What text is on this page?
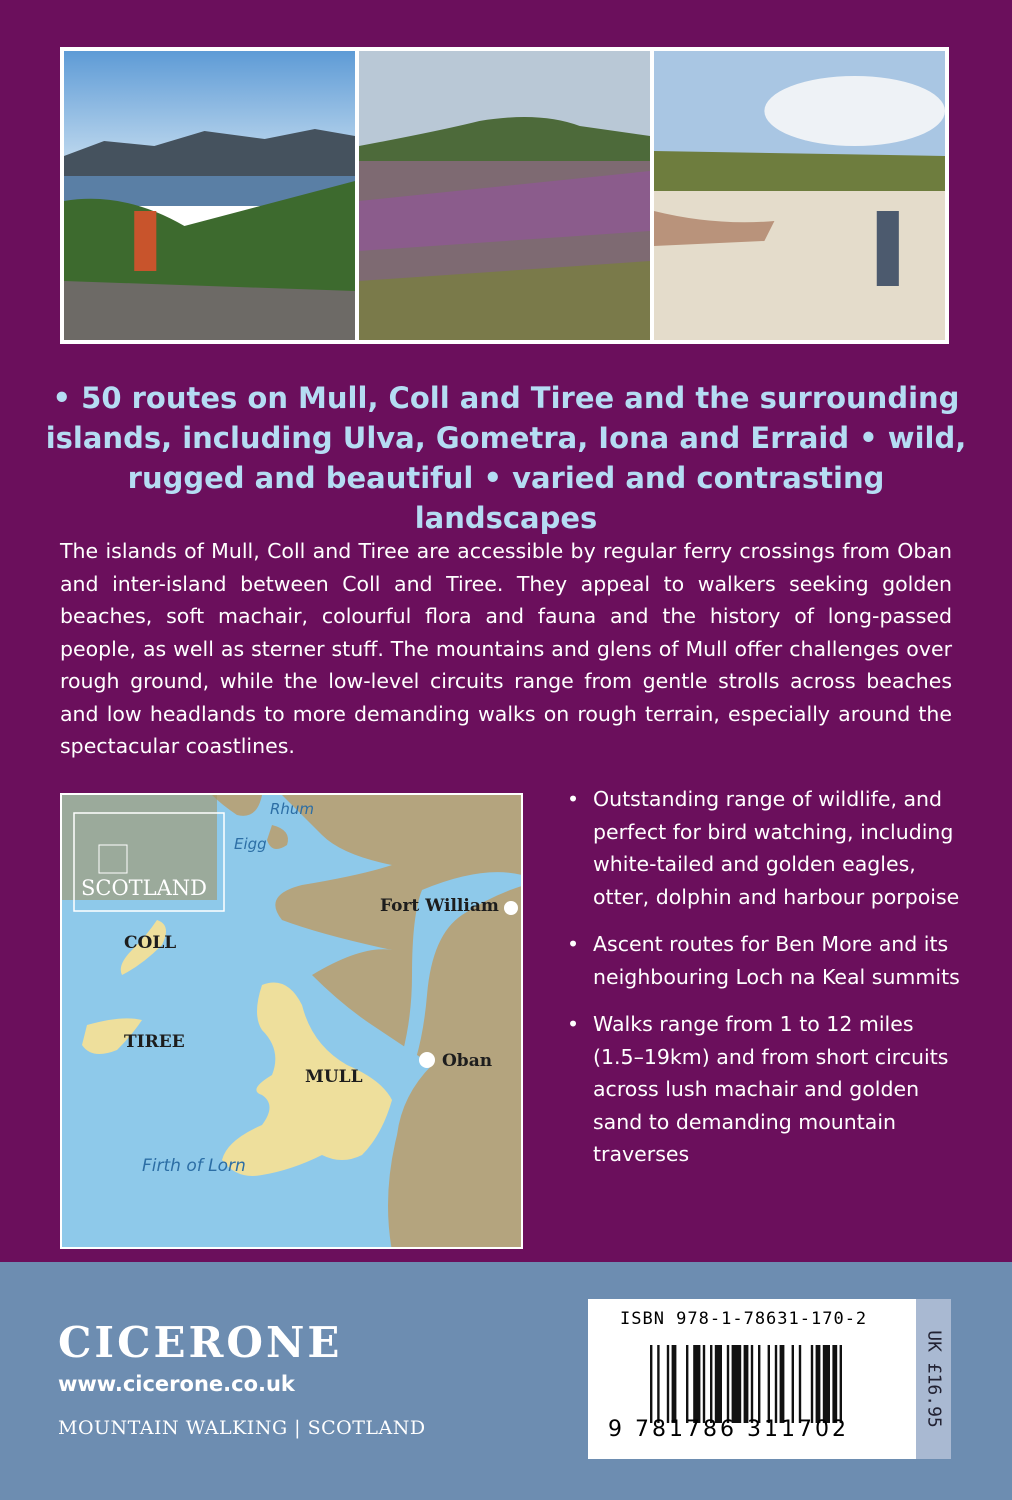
• 50 routes on Mull, Coll and Tiree and the surrounding islands, including Ulva, Gometra, Iona and Erraid • wild, rugged and beautiful • varied and contrasting landscapes

The islands of Mull, Coll and Tiree are accessible by regular ferry crossings from Oban and inter-island between Coll and Tiree. They appeal to walkers seeking golden beaches, soft machair, colourful flora and fauna and the history of long-passed people, as well as sterner stuff. The mountains and glens of Mull offer challenges over rough ground, while the low-level circuits range from gentle strolls across beaches and low headlands to more demanding walks on rough terrain, especially around the spectacular coastlines.

SCOTLAND
Rhum
Eigg
Fort William
COLL
TIREE
MULL
Oban
Firth of Lorn
• Outstanding range of wildlife, and perfect for bird watching, including white-tailed and golden eagles, otter, dolphin and harbour porpoise
• Ascent routes for Ben More and its neighbouring Loch na Keal summits
• Walks range from 1 to 12 miles (1.5–19km) and from short circuits across lush machair and golden sand to demanding mountain traverses
CICERONE
www.cicerone.co.uk
MOUNTAIN WALKING | SCOTLAND
ISBN 978-1-78631-170-2
9 781786 311702
UK £16.95
